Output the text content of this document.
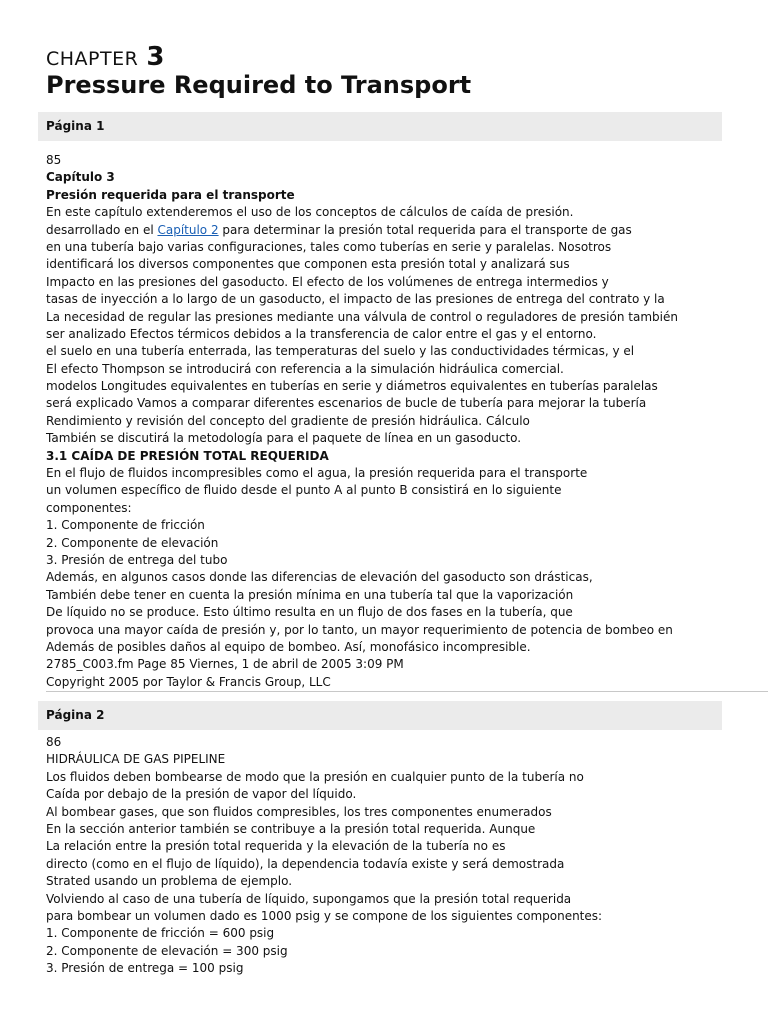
CHAPTER 3
Pressure Required to Transport
Página 1
85
Capítulo 3
Presión requerida para el transporte
En este capítulo extenderemos el uso de los conceptos de cálculos de caída de presión.
desarrollado en el Capítulo 2 para determinar la presión total requerida para el transporte de gas
en una tubería bajo varias configuraciones, tales como tuberías en serie y paralelas. Nosotros
identificará los diversos componentes que componen esta presión total y analizará sus
Impacto en las presiones del gasoducto. El efecto de los volúmenes de entrega intermedios y
tasas de inyección a lo largo de un gasoducto, el impacto de las presiones de entrega del contrato y la
La necesidad de regular las presiones mediante una válvula de control o reguladores de presión también
ser analizado Efectos térmicos debidos a la transferencia de calor entre el gas y el entorno.
el suelo en una tubería enterrada, las temperaturas del suelo y las conductividades térmicas, y el
El efecto Thompson se introducirá con referencia a la simulación hidráulica comercial.
modelos Longitudes equivalentes en tuberías en serie y diámetros equivalentes en tuberías paralelas
será explicado Vamos a comparar diferentes escenarios de bucle de tubería para mejorar la tubería
Rendimiento y revisión del concepto del gradiente de presión hidráulica. Cálculo
También se discutirá la metodología para el paquete de línea en un gasoducto.
3.1 CAÍDA DE PRESIÓN TOTAL REQUERIDA
En el flujo de fluidos incompresibles como el agua, la presión requerida para el transporte
un volumen específico de fluido desde el punto A al punto B consistirá en lo siguiente
componentes:
1. Componente de fricción
2. Componente de elevación
3. Presión de entrega del tubo
Además, en algunos casos donde las diferencias de elevación del gasoducto son drásticas,
También debe tener en cuenta la presión mínima en una tubería tal que la vaporización
De líquido no se produce. Esto último resulta en un flujo de dos fases en la tubería, que
provoca una mayor caída de presión y, por lo tanto, un mayor requerimiento de potencia de bombeo en
Además de posibles daños al equipo de bombeo. Así, monofásico incompresible.
2785_C003.fm Page 85 Viernes, 1 de abril de 2005 3:09 PM
Copyright 2005 por Taylor & Francis Group, LLC
Página 2
86
HIDRÁULICA DE GAS PIPELINE
Los fluidos deben bombearse de modo que la presión en cualquier punto de la tubería no
Caída por debajo de la presión de vapor del líquido.
Al bombear gases, que son fluidos compresibles, los tres componentes enumerados
En la sección anterior también se contribuye a la presión total requerida. Aunque
La relación entre la presión total requerida y la elevación de la tubería no es
directo (como en el flujo de líquido), la dependencia todavía existe y será demostrada
Strated usando un problema de ejemplo.
Volviendo al caso de una tubería de líquido, supongamos que la presión total requerida
para bombear un volumen dado es 1000 psig y se compone de los siguientes componentes:
1. Componente de fricción = 600 psig
2. Componente de elevación = 300 psig
3. Presión de entrega = 100 psig
